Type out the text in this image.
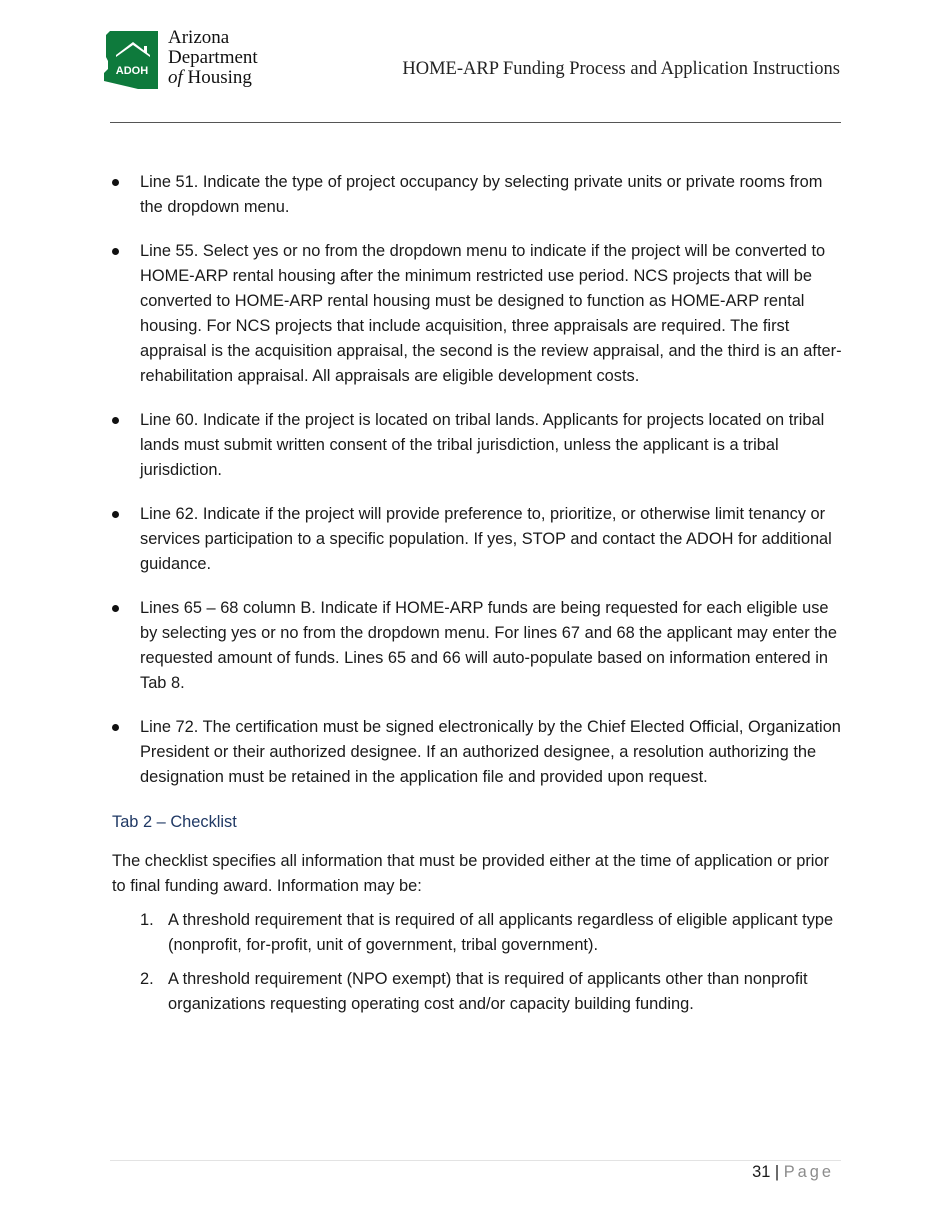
ADOH
Arizona
Department
of Housing	HOME-ARP Funding Process and Application Instructions
Line 51. Indicate the type of project occupancy by selecting private units or private rooms from the dropdown menu.
Line 55. Select yes or no from the dropdown menu to indicate if the project will be converted to HOME-ARP rental housing after the minimum restricted use period. NCS projects that will be converted to HOME-ARP rental housing must be designed to function as HOME-ARP rental housing. For NCS projects that include acquisition, three appraisals are required. The first appraisal is the acquisition appraisal, the second is the review appraisal, and the third is an after-rehabilitation appraisal. All appraisals are eligible development costs.
Line 60. Indicate if the project is located on tribal lands. Applicants for projects located on tribal lands must submit written consent of the tribal jurisdiction, unless the applicant is a tribal jurisdiction.
Line 62. Indicate if the project will provide preference to, prioritize, or otherwise limit tenancy or services participation to a specific population. If yes, STOP and contact the ADOH for additional guidance.
Lines 65 – 68 column B. Indicate if HOME-ARP funds are being requested for each eligible use by selecting yes or no from the dropdown menu. For lines 67 and 68 the applicant may enter the requested amount of funds. Lines 65 and 66 will auto-populate based on information entered in Tab 8.
Line 72. The certification must be signed electronically by the Chief Elected Official, Organization President or their authorized designee. If an authorized designee, a resolution authorizing the designation must be retained in the application file and provided upon request.
Tab 2 – Checklist

The checklist specifies all information that must be provided either at the time of application or prior to final funding award. Information may be:

1. A threshold requirement that is required of all applicants regardless of eligible applicant type (nonprofit, for-profit, unit of government, tribal government).
2. A threshold requirement (NPO exempt) that is required of applicants other than nonprofit organizations requesting operating cost and/or capacity building funding.
31 | Page
